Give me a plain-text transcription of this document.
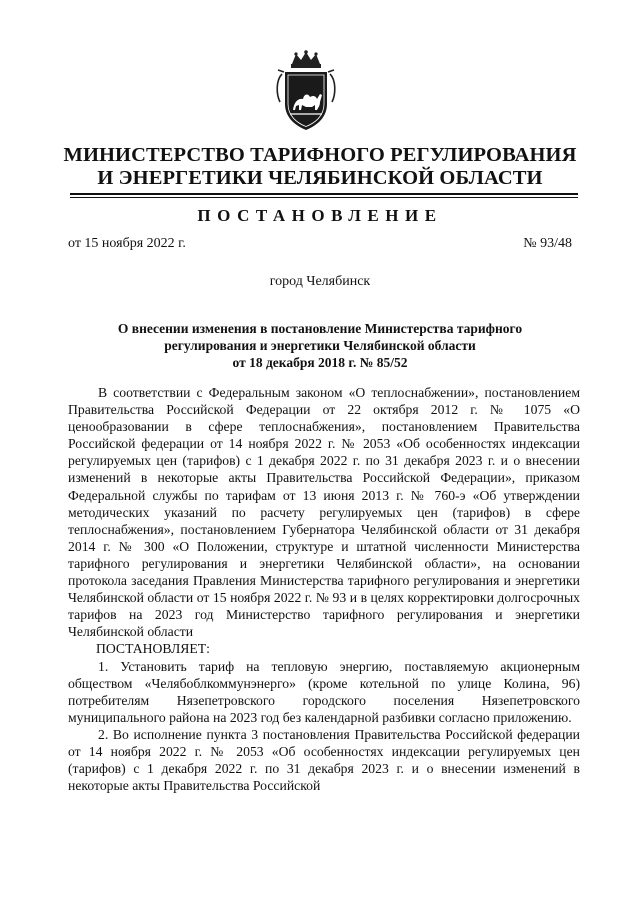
МИНИСТЕРСТВО ТАРИФНОГО РЕГУЛИРОВАНИЯ
И ЭНЕРГЕТИКИ ЧЕЛЯБИНСКОЙ ОБЛАСТИ
ПОСТАНОВЛЕНИЕ
от 15 ноября 2022 г.	№ 93/48
город Челябинск
О внесении изменения в постановление Министерства тарифного
регулирования и энергетики Челябинской области
от 18 декабря 2018 г. № 85/52

В соответствии с Федеральным законом «О теплоснабжении», постановлением Правительства Российской Федерации от 22 октября 2012 г. № 1075 «О ценообразовании в сфере теплоснабжения», постановлением Правительства Российской федерации от 14 ноября 2022 г. № 2053 «Об особенностях индексации регулируемых цен (тарифов) с 1 декабря 2022 г. по 31 декабря 2023 г. и о внесении изменений в некоторые акты Правительства Российской Федерации», приказом Федеральной службы по тарифам от 13 июня 2013 г. № 760-э «Об утверждении методических указаний по расчету регулируемых цен (тарифов) в сфере теплоснабжения», постановлением Губернатора Челябинской области от 31 декабря 2014 г. № 300 «О Положении, структуре и штатной численности Министерства тарифного регулирования и энергетики Челябинской области», на основании протокола заседания Правления Министерства тарифного регулирования и энергетики Челябинской области от 15 ноября 2022 г. № 93 и в целях корректировки долгосрочных тарифов на 2023 год Министерство тарифного регулирования и энергетики Челябинской области

ПОСТАНОВЛЯЕТ:

1. Установить тариф на тепловую энергию, поставляемую акционерным обществом «Челябоблкоммунэнерго» (кроме котельной по улице Колина, 96) потребителям Нязепетровского городского поселения Нязепетровского муниципального района на 2023 год без календарной разбивки согласно приложению.

2. Во исполнение пункта 3 постановления Правительства Российской федерации от 14 ноября 2022 г. № 2053 «Об особенностях индексации регулируемых цен (тарифов) с 1 декабря 2022 г. по 31 декабря 2023 г. и о внесении изменений в некоторые акты Правительства Российской
